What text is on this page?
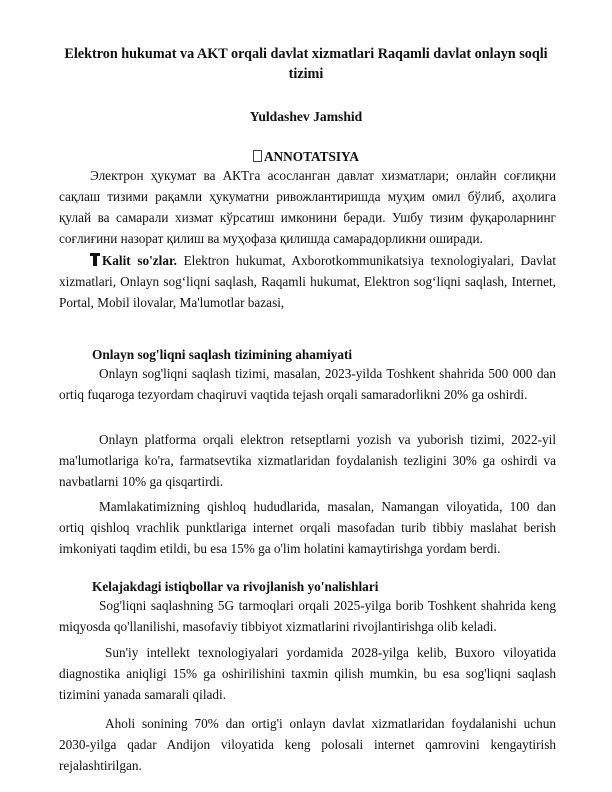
Elektron hukumat va AKT orqali davlat xizmatlari Raqamli davlat onlayn soqli tizimi
Yuldashev Jamshid
ANNOTATSIYA

Электрон ҳукумат ва АКТга асосланган давлат хизматлари; онлайн соғлиқни сақлаш тизими рақамли ҳукуматни ривожлантиришда муҳим омил бўлиб, аҳолига қулай ва самарали хизмат кўрсатиш имконини беради. Ушбу тизим фуқароларнинг соғлиғини назорат қилиш ва муҳофаза қилишда самарадорликни оширади.

Kalit so'zlar. Elektron hukumat, Axborotkommunikatsiya texnologiyalari, Davlat xizmatlari, Onlayn sog‘liqni saqlash, Raqamli hukumat, Elektron sog‘liqni saqlash, Internet, Portal, Mobil ilovalar, Ma'lumotlar bazasi,

Onlayn sog'liqni saqlash tizimining ahamiyati

Onlayn sog'liqni saqlash tizimi, masalan, 2023-yilda Toshkent shahrida 500 000 dan ortiq fuqaroga tezyordam chaqiruvi vaqtida tejash orqali samaradorlikni 20% ga oshirdi.

Onlayn platforma orqali elektron retseptlarni yozish va yuborish tizimi, 2022-yil ma'lumotlariga ko'ra, farmatsevtika xizmatlaridan foydalanish tezligini 30% ga oshirdi va navbatlarni 10% ga qisqartirdi.

Mamlakatimizning qishloq hududlarida, masalan, Namangan viloyatida, 100 dan ortiq qishloq vrachlik punktlariga internet orqali masofadan turib tibbiy maslahat berish imkoniyati taqdim etildi, bu esa 15% ga o'lim holatini kamaytirishga yordam berdi.

Kelajakdagi istiqbollar va rivojlanish yo'nalishlari

Sog'liqni saqlashning 5G tarmoqlari orqali 2025-yilga borib Toshkent shahrida keng miqyosda qo'llanilishi, masofaviy tibbiyot xizmatlarini rivojlantirishga olib keladi.

Sun'iy intellekt texnologiyalari yordamida 2028-yilga kelib, Buxoro viloyatida diagnostika aniqligi 15% ga oshirilishini taxmin qilish mumkin, bu esa sog'liqni saqlash tizimini yanada samarali qiladi.

Aholi sonining 70% dan ortig'i onlayn davlat xizmatlaridan foydalanishi uchun 2030-yilga qadar Andijon viloyatida keng polosali internet qamrovini kengaytirish rejalashtirilgan.
